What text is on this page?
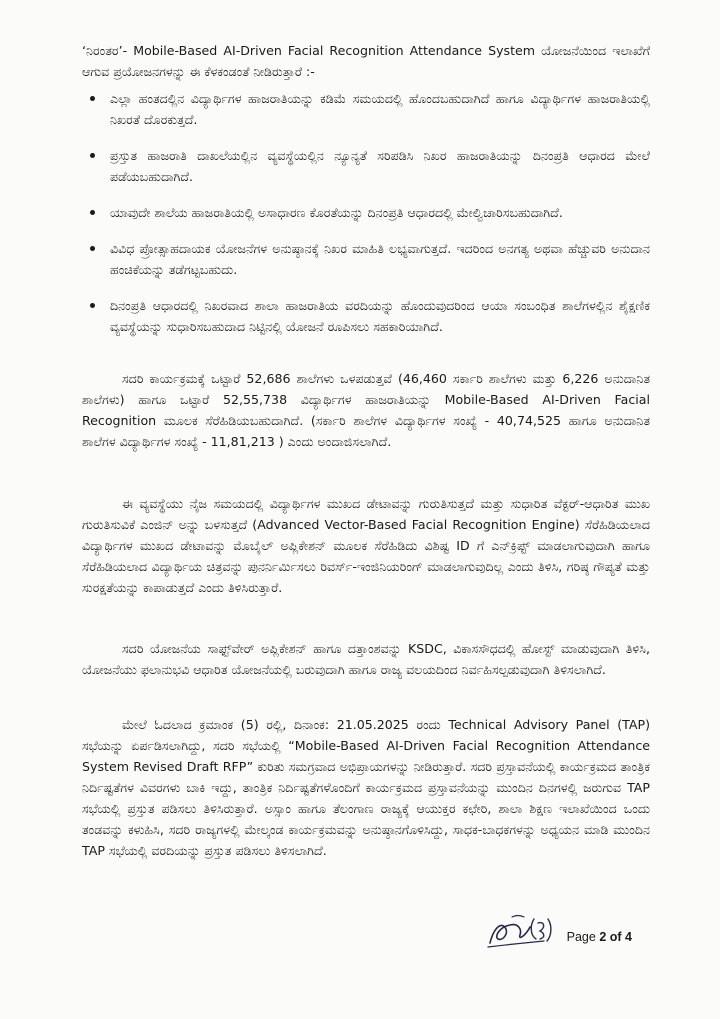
‘ನಿರಂತರ’- Mobile-Based AI-Driven Facial Recognition Attendance System ಯೋಜನೆಯಿಂದ ಇಲಾಖೆಗೆ ಆಗುವ ಪ್ರಯೋಜನಗಳನ್ನು ಈ ಕೆಳಕಂಡಂತೆ ನೀಡಿರುತ್ತಾರೆ :-

ಎಲ್ಲಾ ಹಂತದಲ್ಲಿನ ವಿದ್ಯಾರ್ಥಿಗಳ ಹಾಜರಾತಿಯನ್ನು ಕಡಿಮೆ ಸಮಯದಲ್ಲಿ ಹೊಂದಬಹುದಾಗಿದೆ ಹಾಗೂ ವಿದ್ಯಾರ್ಥಿಗಳ ಹಾಜರಾತಿಯಲ್ಲಿ ನಿಖರತೆ ದೊರಕುತ್ತದೆ.
ಪ್ರಸ್ತುತ ಹಾಜರಾತಿ ದಾಖಲೆಯಲ್ಲಿನ ವ್ಯವಸ್ಥೆಯಲ್ಲಿನ ನ್ಯೂನ್ಯತೆ ಸರಿಪಡಿಸಿ ನಿಖರ ಹಾಜರಾತಿಯನ್ನು ದಿನಂಪ್ರತಿ ಆಧಾರದ ಮೇಲೆ ಪಡೆಯಬಹುದಾಗಿದೆ.
ಯಾವುದೇ ಶಾಲೆಯ ಹಾಜರಾತಿಯಲ್ಲಿ ಅಸಾಧಾರಣ ಕೊರತೆಯನ್ನು ದಿನಂಪ್ರತಿ ಆಧಾರದಲ್ಲಿ ಮೇಲ್ವಿಚಾರಿಸಬಹುದಾಗಿದೆ.
ವಿವಿಧ ಪ್ರೋತ್ಸಾಹದಾಯಕ ಯೋಜನೆಗಳ ಅನುಷ್ಠಾನಕ್ಕೆ ನಿಖರ ಮಾಹಿತಿ ಲಭ್ಯವಾಗುತ್ತದೆ. ಇದರಿಂದ ಅನಗತ್ಯ ಅಥವಾ ಹೆಚ್ಚುವರಿ ಅನುದಾನ ಹಂಚಿಕೆಯನ್ನು ತಡೆಗಟ್ಟಬಹುದು.
ದಿನಂಪ್ರತಿ ಆಧಾರದಲ್ಲಿ ನಿಖರವಾದ ಶಾಲಾ ಹಾಜರಾತಿಯ ವರದಿಯನ್ನು ಹೊಂದುವುದರಿಂದ ಆಯಾ ಸಂಬಂಧಿತ ಶಾಲೆಗಳಲ್ಲಿನ ಶೈಕ್ಷಣಿಕ ವ್ಯವಸ್ಥೆಯನ್ನು ಸುಧಾರಿಸಬಹುದಾದ ನಿಟ್ಟಿನಲ್ಲಿ ಯೋಜನೆ ರೂಪಿಸಲು ಸಹಕಾರಿಯಾಗಿದೆ.

ಸದರಿ ಕಾರ್ಯಕ್ರಮಕ್ಕೆ ಒಟ್ಟಾರೆ 52,686 ಶಾಲೆಗಳು ಒಳಪಡುತ್ತವೆ (46,460 ಸರ್ಕಾರಿ ಶಾಲೆಗಳು ಮತ್ತು 6,226 ಅನುದಾನಿತ ಶಾಲೆಗಳು) ಹಾಗೂ ಒಟ್ಟಾರೆ 52,55,738 ವಿದ್ಯಾರ್ಥಿಗಳ ಹಾಜರಾತಿಯನ್ನು Mobile-Based AI-Driven Facial Recognition ಮೂಲಕ ಸೆರೆಹಿಡಿಯಬಹುದಾಗಿದೆ. (ಸರ್ಕಾರಿ ಶಾಲೆಗಳ ವಿದ್ಯಾರ್ಥಿಗಳ ಸಂಖ್ಯೆ - 40,74,525 ಹಾಗೂ ಅನುದಾನಿತ ಶಾಲೆಗಳ ವಿದ್ಯಾರ್ಥಿಗಳ ಸಂಖ್ಯೆ - 11,81,213 ) ಎಂದು ಅಂದಾಜಿಸಲಾಗಿದೆ.

ಈ ವ್ಯವಸ್ಥೆಯು ನೈಜ ಸಮಯದಲ್ಲಿ ವಿದ್ಯಾರ್ಥಿಗಳ ಮುಖದ ಡೇಟಾವನ್ನು ಗುರುತಿಸುತ್ತದೆ ಮತ್ತು ಸುಧಾರಿತ ವೆಕ್ಟರ್-ಆಧಾರಿತ ಮುಖ ಗುರುತಿಸುವಿಕೆ ಎಂಜಿನ್ ಅನ್ನು ಬಳಸುತ್ತದೆ (Advanced Vector-Based Facial Recognition Engine) ಸೆರೆಹಿಡಿಯಲಾದ ವಿದ್ಯಾರ್ಥಿಗಳ ಮುಖದ ಡೇಟಾವನ್ನು ಮೊಬೈಲ್ ಅಪ್ಲಿಕೇಶನ್ ಮೂಲಕ ಸೆರೆಹಿಡಿದು ವಿಶಿಷ್ಟ ID ಗೆ ಎನ್‌ಕ್ರಿಪ್ಟ್ ಮಾಡಲಾಗುವುದಾಗಿ ಹಾಗೂ ಸೆರೆಹಿಡಿಯಲಾದ ವಿದ್ಯಾರ್ಥಿಯ ಚಿತ್ರವನ್ನು ಪುನರ್ನಿರ್ಮಿಸಲು ರಿವರ್ಸ್-ಇಂಜಿನಿಯರಿಂಗ್ ಮಾಡಲಾಗುವುದಿಲ್ಲ ಎಂದು ತಿಳಿಸಿ, ಗರಿಷ್ಠ ಗೌಪ್ಯತೆ ಮತ್ತು ಸುರಕ್ಷತೆಯನ್ನು ಕಾಪಾಡುತ್ತದೆ ಎಂದು ತಿಳಿಸಿರುತ್ತಾರೆ.

ಸದರಿ ಯೋಜನೆಯ ಸಾಫ್ಟ್‌ವೇರ್ ಅಪ್ಲಿಕೇಶನ್ ಹಾಗೂ ದತ್ತಾಂಶವನ್ನು KSDC, ವಿಕಾಸಸೌಧದಲ್ಲಿ ಹೋಸ್ಟ್ ಮಾಡುವುದಾಗಿ ತಿಳಿಸಿ, ಯೋಜನೆಯು ಫಲಾನುಭವಿ ಆಧಾರಿತ ಯೋಜನೆಯಲ್ಲಿ ಬರುವುದಾಗಿ ಹಾಗೂ ರಾಜ್ಯ ವಲಯದಿಂದ ನಿರ್ವಹಿಸಲ್ಪಡುವುದಾಗಿ ತಿಳಿಸಲಾಗಿದೆ.

ಮೇಲೆ ಓದಲಾದ ಕ್ರಮಾಂಕ (5) ರಲ್ಲಿ, ದಿನಾಂಕ: 21.05.2025 ರಂದು Technical Advisory Panel (TAP) ಸಭೆಯನ್ನು ಏರ್ಪಡಿಸಲಾಗಿದ್ದು, ಸದರಿ ಸಭೆಯಲ್ಲಿ “Mobile-Based AI-Driven Facial Recognition Attendance System Revised Draft RFP” ಕುರಿತು ಸಮಗ್ರವಾದ ಅಭಿಪ್ರಾಯಗಳನ್ನು ನೀಡಿರುತ್ತಾರೆ. ಸದರಿ ಪ್ರಸ್ತಾವನೆಯಲ್ಲಿ ಕಾರ್ಯಕ್ರಮದ ತಾಂತ್ರಿಕ ನಿರ್ದಿಷ್ಟತೆಗಳ ವಿವರಗಳು ಬಾಕಿ ಇದ್ದು, ತಾಂತ್ರಿಕ ನಿರ್ದಿಷ್ಟತೆಗಳೊಂದಿಗೆ ಕಾರ್ಯಕ್ರಮದ ಪ್ರಸ್ತಾವನೆಯನ್ನು ಮುಂದಿನ ದಿನಗಳಲ್ಲಿ ಜರುಗುವ TAP ಸಭೆಯಲ್ಲಿ ಪ್ರಸ್ತುತ ಪಡಿಸಲು ತಿಳಿಸಿರುತ್ತಾರೆ. ಅಸ್ಸಾಂ ಹಾಗೂ ತೆಲಂಗಾಣ ರಾಜ್ಯಕ್ಕೆ ಆಯುಕ್ತರ ಕಛೇರಿ, ಶಾಲಾ ಶಿಕ್ಷಣ ಇಲಾಖೆಯಿಂದ ಒಂದು ತಂಡವನ್ನು ಕಳುಹಿಸಿ, ಸದರಿ ರಾಜ್ಯಗಳಲ್ಲಿ ಮೇಲ್ಕಂಡ ಕಾರ್ಯಕ್ರಮವನ್ನು ಅನುಷ್ಠಾನಗೊಳಿಸಿದ್ದು, ಸಾಧಕ-ಬಾಧಕಗಳನ್ನು ಅಧ್ಯಯನ ಮಾಡಿ ಮುಂದಿನ TAP ಸಭೆಯಲ್ಲಿ ವರದಿಯನ್ನು ಪ್ರಸ್ತುತ ಪಡಿಸಲು ತಿಳಿಸಲಾಗಿದೆ.

Page 2 of 4
